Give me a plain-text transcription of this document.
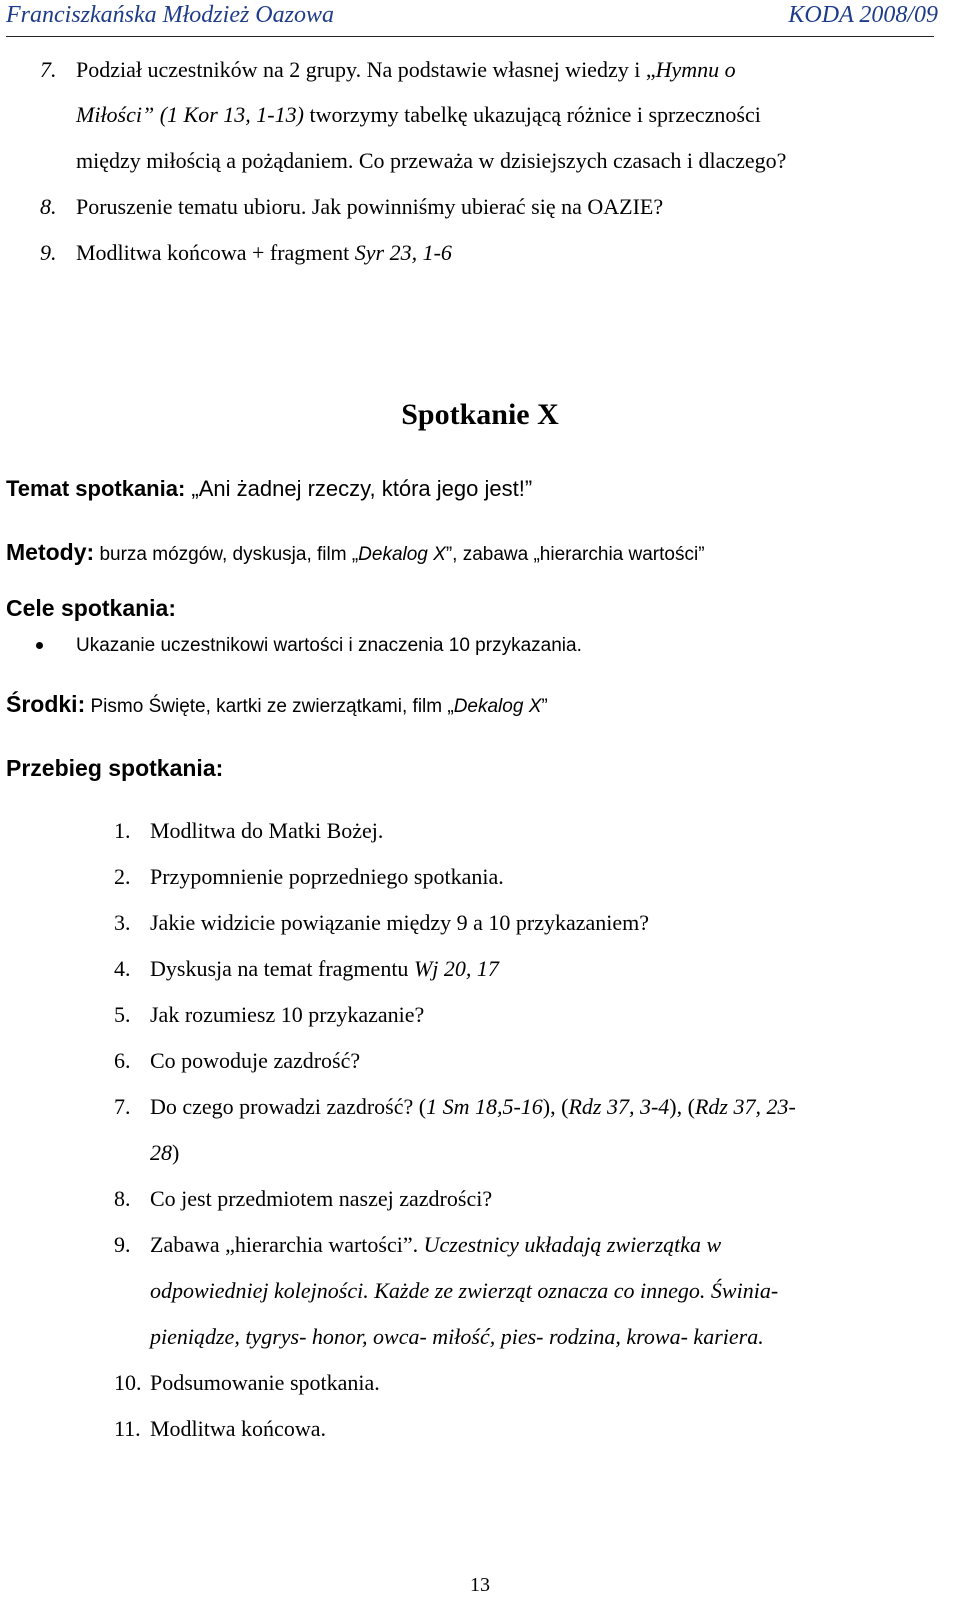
Franciszkańska Młodzież Oazowa	KODA 2008/09
7. Podział uczestników na 2 grupy. Na podstawie własnej wiedzy i „Hymnu o
Miłości” (1 Kor 13, 1-13) tworzymy tabelkę ukazującą różnice i sprzeczności
między miłością a pożądaniem. Co przeważa w dzisiejszych czasach i dlaczego?
8. Poruszenie tematu ubioru. Jak powinniśmy ubierać się na OAZIE?
9. Modlitwa końcowa + fragment Syr 23, 1-6
Spotkanie X
Temat spotkania: „Ani żadnej rzeczy, która jego jest!”
Metody: burza mózgów, dyskusja, film „Dekalog X”, zabawa „hierarchia wartości”
Cele spotkania:
Ukazanie uczestnikowi wartości i znaczenia 10 przykazania.
Środki: Pismo Święte, kartki ze zwierzątkami, film „Dekalog X”
Przebieg spotkania:
1. Modlitwa do Matki Bożej.
2. Przypomnienie poprzedniego spotkania.
3. Jakie widzicie powiązanie między 9 a 10 przykazaniem?
4. Dyskusja na temat fragmentu Wj 20, 17
5. Jak rozumiesz 10 przykazanie?
6. Co powoduje zazdrość?
7. Do czego prowadzi zazdrość? (1 Sm 18,5-16), (Rdz 37, 3-4), (Rdz 37, 23-
28)
8. Co jest przedmiotem naszej zazdrości?
9. Zabawa „hierarchia wartości”. Uczestnicy układają zwierzątka w
odpowiedniej kolejności. Każde ze zwierząt oznacza co innego. Świnia-
pieniądze, tygrys- honor, owca- miłość, pies- rodzina, krowa- kariera.
10. Podsumowanie spotkania.
11. Modlitwa końcowa.
13
